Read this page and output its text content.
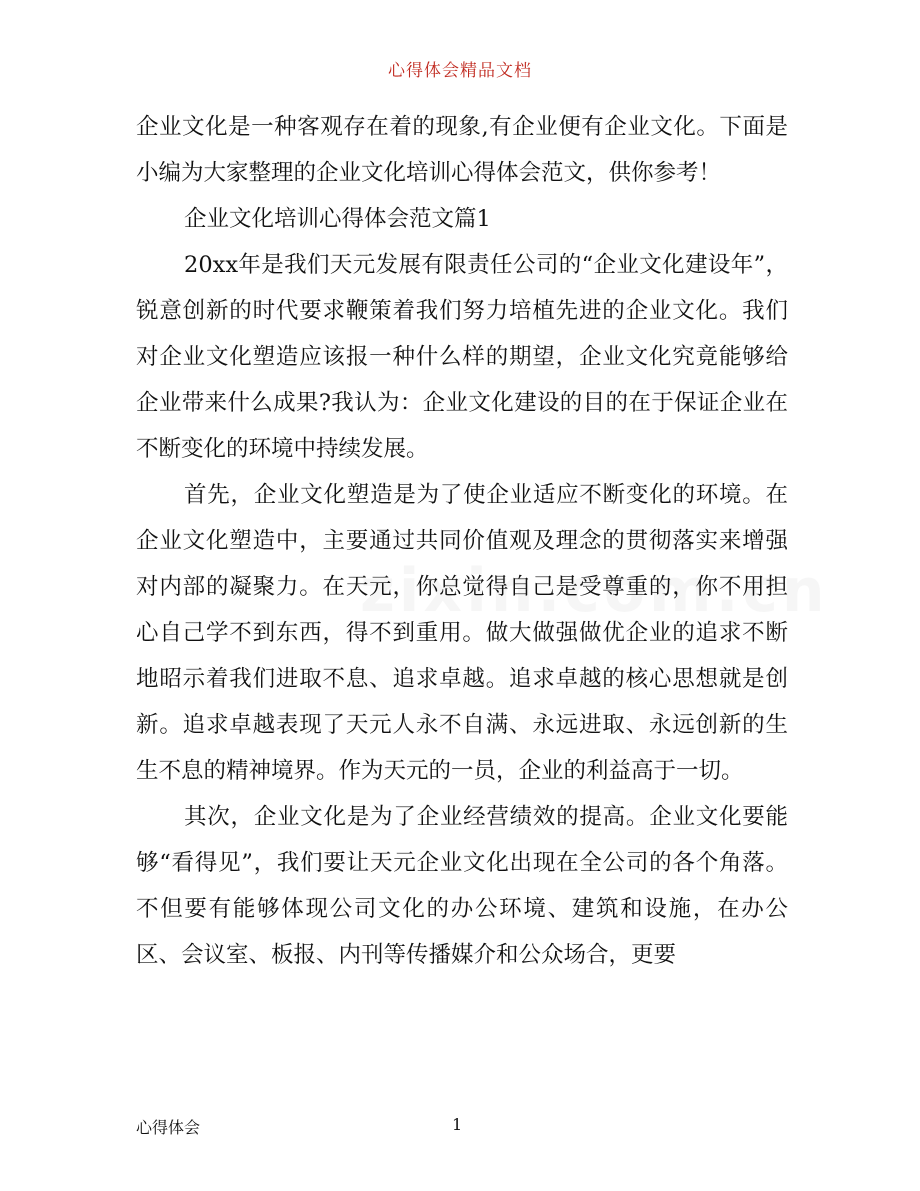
心得体会精品文档

企业文化是一种客观存在着的现象,有企业便有企业文化。下面是小编为大家整理的企业文化培训心得体会范文，供你参考！

企业文化培训心得体会范文篇1

20xx年是我们天元发展有限责任公司的“企业文化建设年”，锐意创新的时代要求鞭策着我们努力培植先进的企业文化。我们对企业文化塑造应该报一种什么样的期望，企业文化究竟能够给企业带来什么成果?我认为：企业文化建设的目的在于保证企业在不断变化的环境中持续发展。

首先，企业文化塑造是为了使企业适应不断变化的环境。在企业文化塑造中，主要通过共同价值观及理念的贯彻落实来增强对内部的凝聚力。在天元，你总觉得自己是受尊重的，你不用担心自己学不到东西，得不到重用。做大做强做优企业的追求不断地昭示着我们进取不息、追求卓越。追求卓越的核心思想就是创新。追求卓越表现了天元人永不自满、永远进取、永远创新的生生不息的精神境界。作为天元的一员，企业的利益高于一切。

其次，企业文化是为了企业经营绩效的提高。企业文化要能够“看得见”，我们要让天元企业文化出现在全公司的各个角落。不但要有能够体现公司文化的办公环境、建筑和设施，在办公区、会议室、板报、内刊等传播媒介和公众场合，更要

心得体会	1
